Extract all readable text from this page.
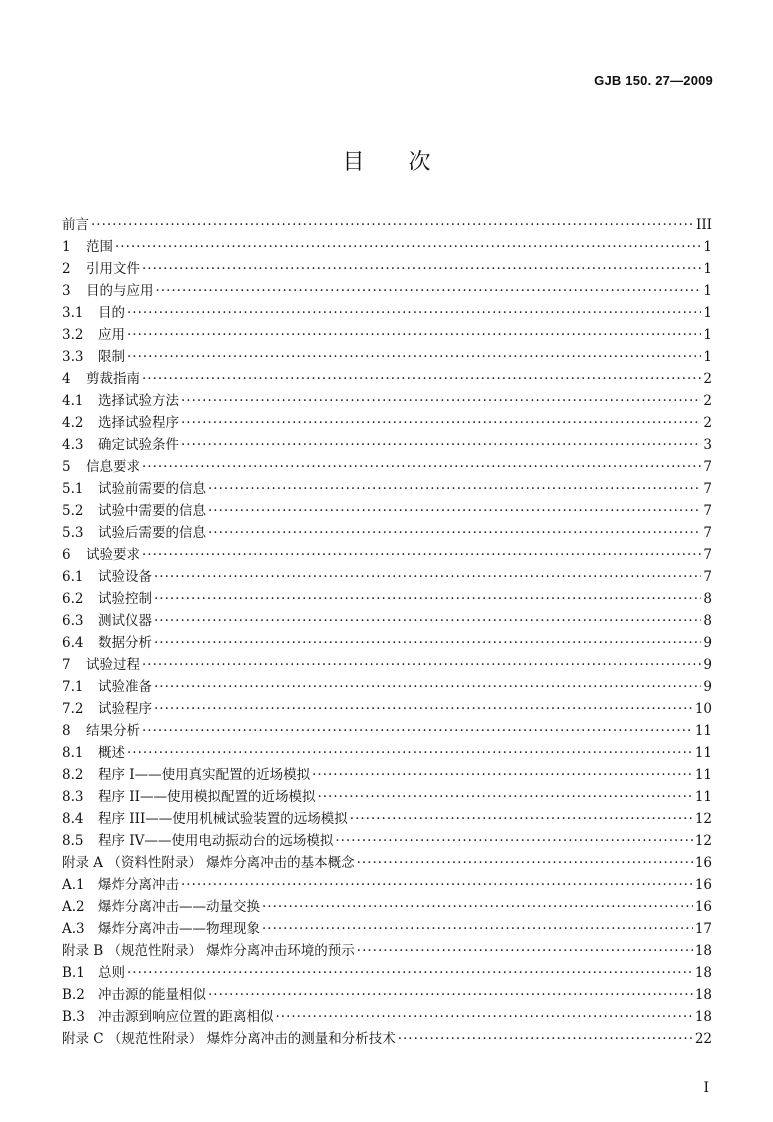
GJB 150. 27—2009
目次
前言 ·····	III
1	范围 ·····	1
2	引用文件 ·····	1
3	目的与应用 ·····	1
3.1	目的 ·····	1
3.2	应用 ·····	1
3.3	限制 ·····	1
4	剪裁指南 ·····	2
4.1	选择试验方法 ·····	2
4.2	选择试验程序 ·····	2
4.3	确定试验条件 ·····	3
5	信息要求 ·····	7
5.1	试验前需要的信息 ·····	7
5.2	试验中需要的信息 ·····	7
5.3	试验后需要的信息 ·····	7
6	试验要求 ·····	7
6.1	试验设备 ·····	7
6.2	试验控制 ·····	8
6.3	测试仪器 ·····	8
6.4	数据分析 ·····	9
7	试验过程 ·····	9
7.1	试验准备 ·····	9
7.2	试验程序 ·····	10
8	结果分析 ·····	11
8.1	概述 ·····	11
8.2	程序 I——使用真实配置的近场模拟 ·····	11
8.3	程序 II——使用模拟配置的近场模拟 ·····	11
8.4	程序 III——使用机械试验装置的远场模拟 ·····	12
8.5	程序 IV——使用电动振动台的远场模拟 ·····	12
附录 A （资料性附录） 爆炸分离冲击的基本概念 ·····	16
A.1 爆炸分离冲击 ·····	16
A.2 爆炸分离冲击——动量交换 ·····	16
A.3 爆炸分离冲击——物理现象 ·····	17
附录 B （规范性附录） 爆炸分离冲击环境的预示 ·····	18
B.1 总则 ·····	18
B.2 冲击源的能量相似 ·····	18
B.3 冲击源到响应位置的距离相似 ·····	18
附录 C （规范性附录） 爆炸分离冲击的测量和分析技术 ·····	22
I
